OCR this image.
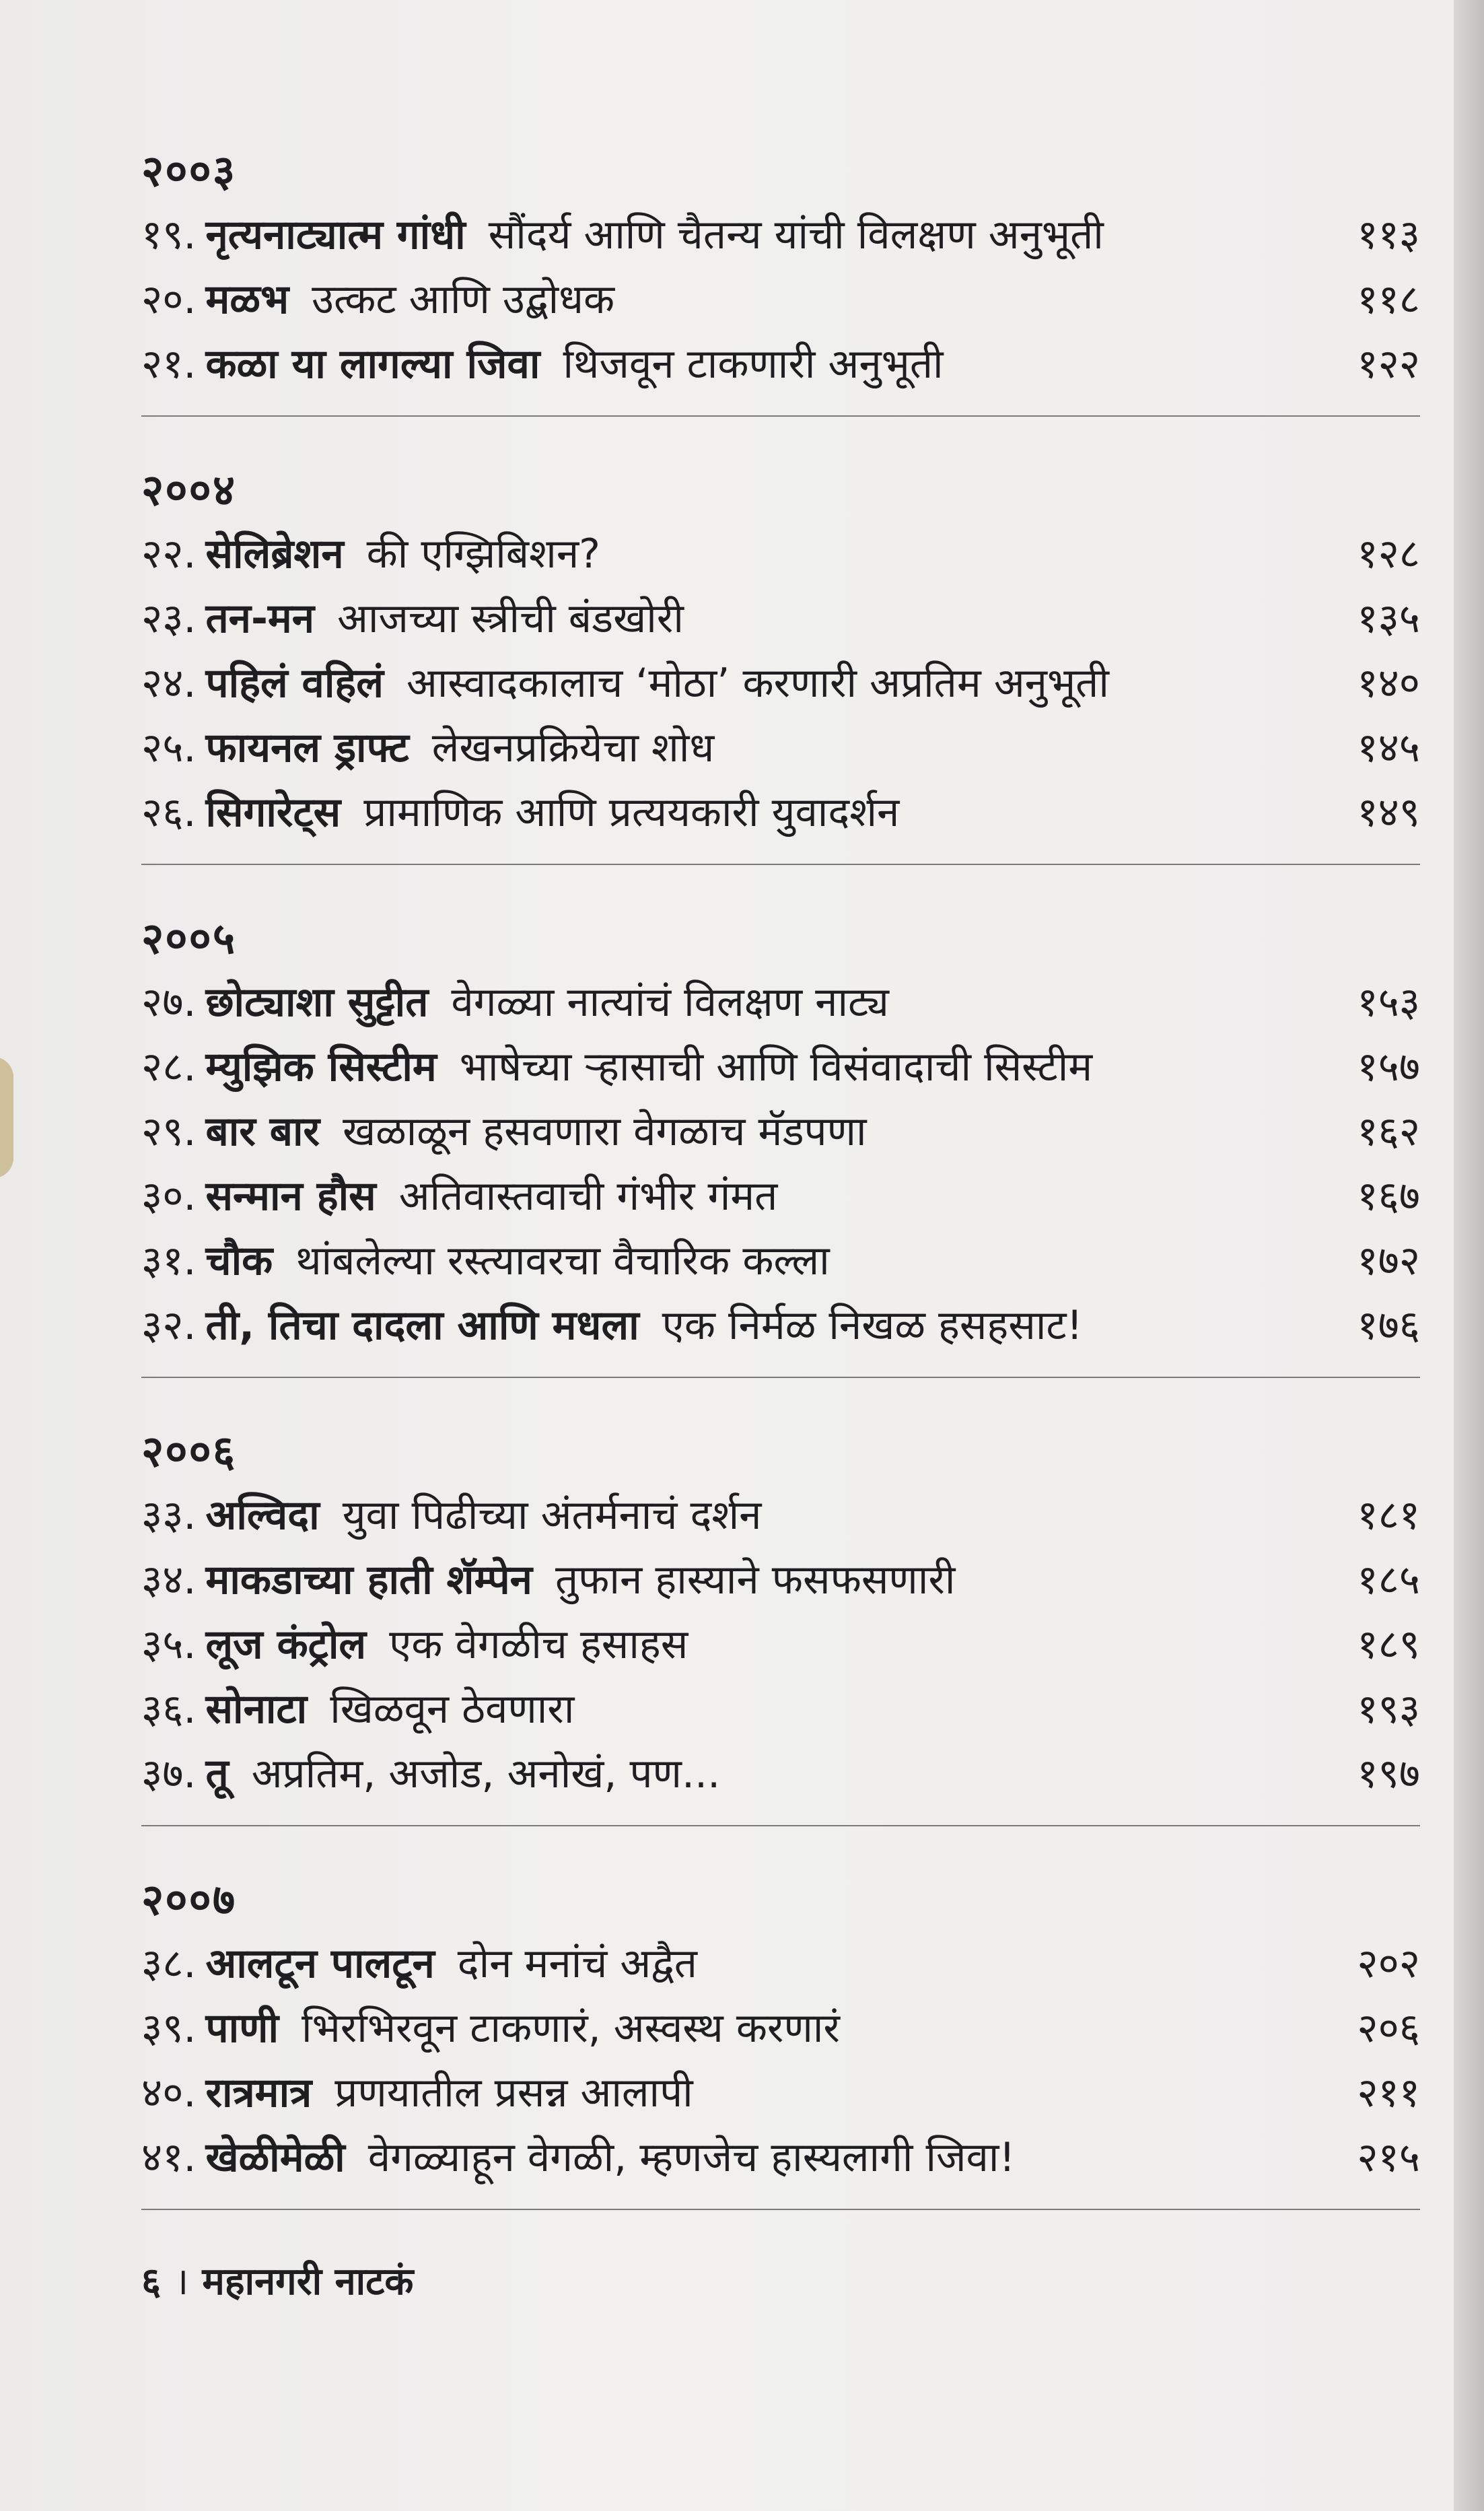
२००३
१९. नृत्यनाट्यात्म गांधी सौंदर्य आणि चैतन्य यांची विलक्षण अनुभूती	११३
२०. मळभ उत्कट आणि उद्बोधक	११८
२१. कळा या लागल्या जिवा थिजवून टाकणारी अनुभूती	१२२
२००४
२२. सेलिब्रेशन की एग्झिबिशन?	१२८
२३. तन-मन आजच्या स्त्रीची बंडखोरी	१३५
२४. पहिलं वहिलं आस्वादकालाच ‘मोठा’ करणारी अप्रतिम अनुभूती	१४०
२५. फायनल ड्राफ्ट लेखनप्रक्रियेचा शोध	१४५
२६. सिगारेट्स प्रामाणिक आणि प्रत्ययकारी युवादर्शन	१४९
२००५
२७. छोट्याशा सुट्टीत वेगळ्या नात्यांचं विलक्षण नाट्य	१५३
२८. म्युझिक सिस्टीम भाषेच्या ऱ्हासाची आणि विसंवादाची सिस्टीम	१५७
२९. बार बार खळाळून हसवणारा वेगळाच मॅडपणा	१६२
३०. सन्मान हौस अतिवास्तवाची गंभीर गंमत	१६७
३१. चौक थांबलेल्या रस्त्यावरचा वैचारिक कल्ला	१७२
३२. ती, तिचा दादला आणि मधला एक निर्मळ निखळ हसहसाट!	१७६
२००६
३३. अल्विदा युवा पिढीच्या अंतर्मनाचं दर्शन	१८१
३४. माकडाच्या हाती शॅम्पेन तुफान हास्याने फसफसणारी	१८५
३५. लूज कंट्रोल एक वेगळीच हसाहस	१८९
३६. सोनाटा खिळवून ठेवणारा	१९३
३७. तू अप्रतिम, अजोड, अनोखं, पण...	१९७
२००७
३८. आलटून पालटून दोन मनांचं अद्वैत	२०२
३९. पाणी भिरभिरवून टाकणारं, अस्वस्थ करणारं	२०६
४०. रात्रमात्र प्रणयातील प्रसन्न आलापी	२११
४१. खेळीमेळी वेगळ्याहून वेगळी, म्हणजेच हास्यलागी जिवा!	२१५
६ । महानगरी नाटकं
